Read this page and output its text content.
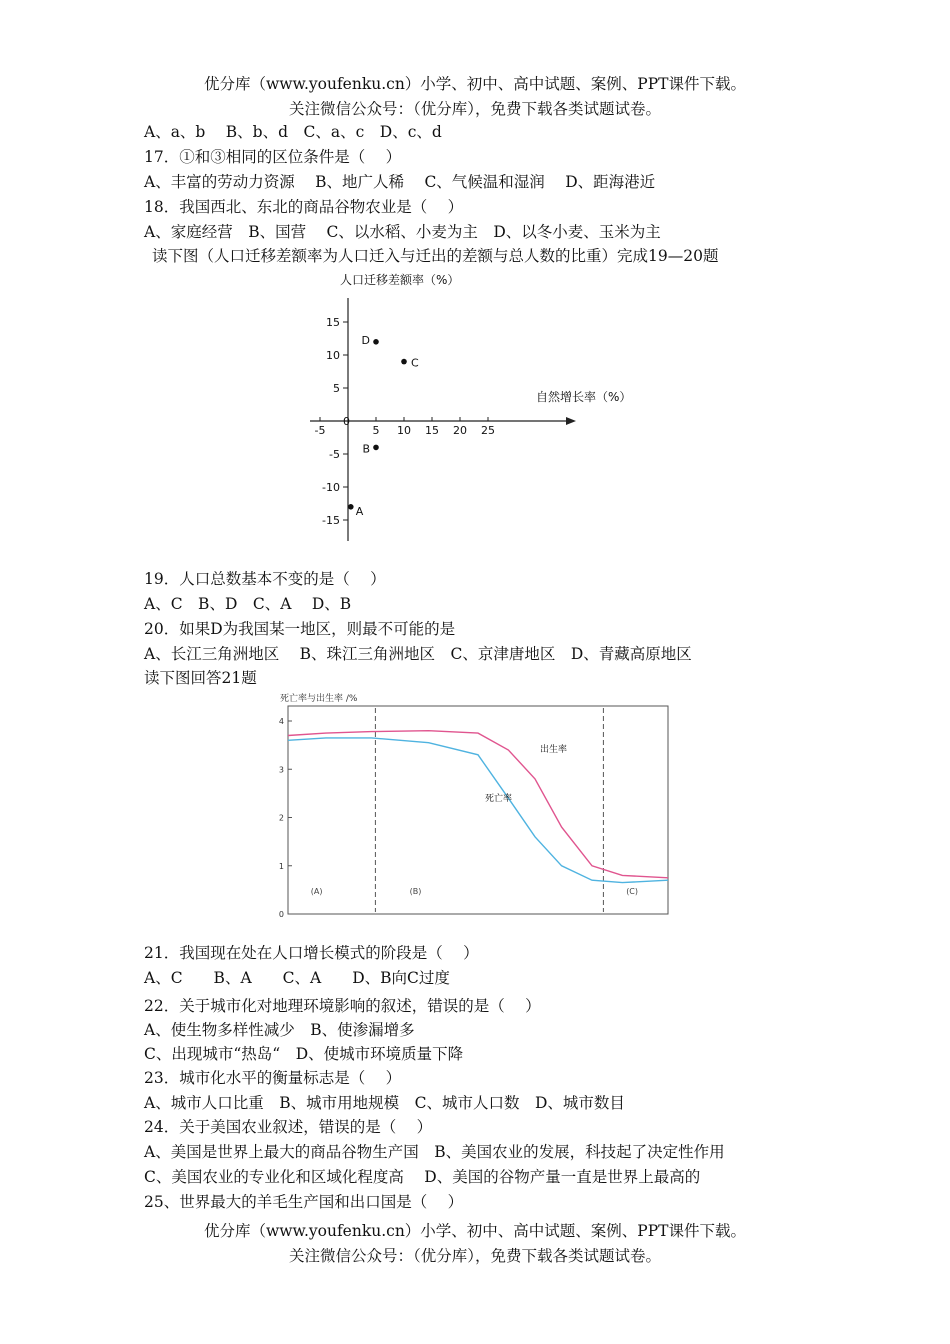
优分库（www.youfenku.cn）小学、初中、高中试题、案例、PPT课件下载。
关注微信公众号：（优分库），免费下载各类试题试卷。
A、a、b　 B、b、d　C、a、c　D、c、d
17．①和③相同的区位条件是（　 ）
A、丰富的劳动力资源　 B、地广人稀　 C、气候温和湿润　 D、距海港近
18．我国西北、东北的商品谷物农业是（　 ）
A、家庭经营　B、国营　 C、以水稻、小麦为主　D、以冬小麦、玉米为主
读下图（人口迁移差额率为人口迁入与迁出的差额与总人数的比重）完成19—20题
人口迁移差额率（%）
自然增长率（%）
0
-5	5 10 15 20 25
15
10
5
-5
-10
-15
D
C
B
A
19．人口总数基本不变的是（　 ）
A、C　B、D　C、A　 D、B
20．如果D为我国某一地区，则最不可能的是
A、长江三角洲地区　 B、珠江三角洲地区　C、京津唐地区　D、青藏高原地区
读下图回答21题
死亡率与出生率 /%
4
3
2
1
0
出生率
死亡率
(A)	(B)	(C)
21．我国现在处在人口增长模式的阶段是（　 ）
A、C　　B、A　　C、A　　D、B向C过度
22．关于城市化对地理环境影响的叙述，错误的是（　 ）
A、使生物多样性减少　B、使渗漏增多
C、出现城市“热岛“　D、使城市环境质量下降
23．城市化水平的衡量标志是（　 ）
A、城市人口比重　B、城市用地规模　C、城市人口数　D、城市数目
24．关于美国农业叙述，错误的是（　 ）
A、美国是世界上最大的商品谷物生产国　B、美国农业的发展，科技起了决定性作用
C、美国农业的专业化和区域化程度高　 D、美国的谷物产量一直是世界上最高的
25、世界最大的羊毛生产国和出口国是（　 ）
优分库（www.youfenku.cn）小学、初中、高中试题、案例、PPT课件下载。
关注微信公众号：（优分库），免费下载各类试题试卷。
